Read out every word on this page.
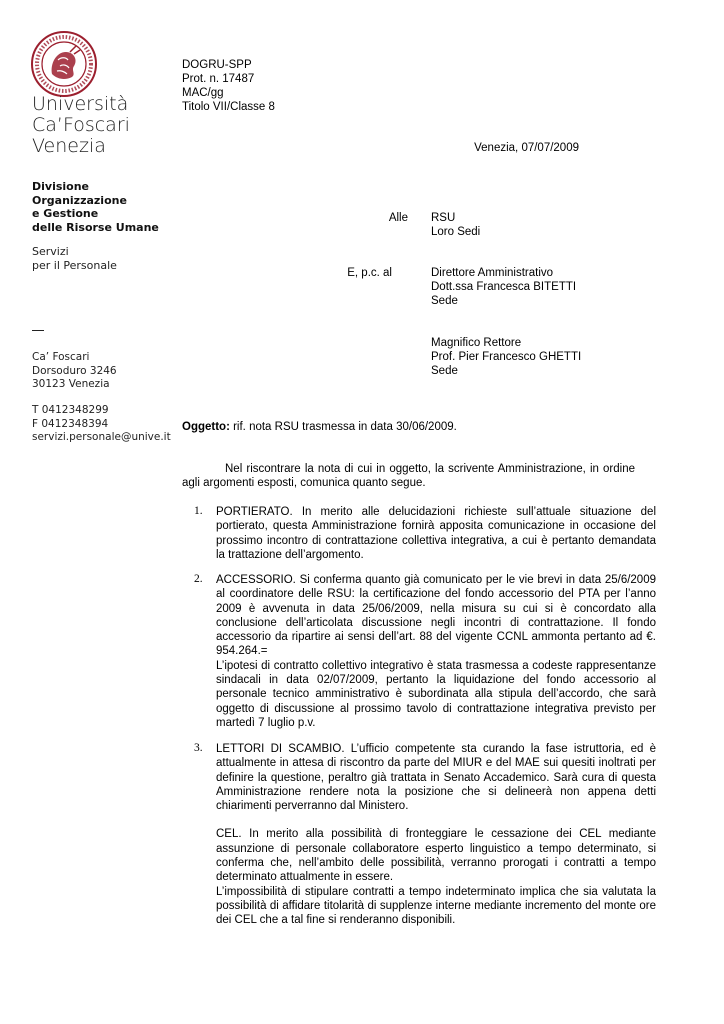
Università
Ca’Foscari
Venezia
Divisione
Organizzazione
e Gestione
delle Risorse Umane
Servizi
per il Personale
Ca’ Foscari
Dorsoduro 3246
30123 Venezia
T 0412348299
F 0412348394
servizi.personale@unive.it
DOGRU-SPP
Prot. n. 17487
MAC/gg
Titolo VII/Classe 8
Venezia, 07/07/2009
Alle RSU
Loro Sedi
E, p.c. al	Direttore Amministrativo
Dott.ssa Francesca BITETTI
Sede
Magnifico Rettore
Prof. Pier Francesco GHETTI
Sede
Oggetto: rif. nota RSU trasmessa in data 30/06/2009.
Nel riscontrare la nota di cui in oggetto, la scrivente Amministrazione, in ordine agli argomenti esposti, comunica quanto segue.
1. PORTIERATO. In merito alle delucidazioni richieste sull’attuale situazione del portierato, questa Amministrazione fornirà apposita comunicazione in occasione del prossimo incontro di contrattazione collettiva integrativa, a cui è pertanto demandata la trattazione dell’argomento.

2. ACCESSORIO. Si conferma quanto già comunicato per le vie brevi in data 25/6/2009 al coordinatore delle RSU: la certificazione del fondo accessorio del PTA per l’anno 2009 è avvenuta in data 25/06/2009, nella misura su cui si è concordato alla conclusione dell’articolata discussione negli incontri di contrattazione. Il fondo accessorio da ripartire ai sensi dell’art. 88 del vigente CCNL ammonta pertanto ad €. 954.264.=

L’ipotesi di contratto collettivo integrativo è stata trasmessa a codeste rappresentanze sindacali in data 02/07/2009, pertanto la liquidazione del fondo accessorio al personale tecnico amministrativo è subordinata alla stipula dell’accordo, che sarà oggetto di discussione al prossimo tavolo di contrattazione integrativa previsto per martedì 7 luglio p.v.

3. LETTORI DI SCAMBIO. L’ufficio competente sta curando la fase istruttoria, ed è attualmente in attesa di riscontro da parte del MIUR e del MAE sui quesiti inoltrati per definire la questione, peraltro già trattata in Senato Accademico. Sarà cura di questa Amministrazione rendere nota la posizione che si delineerà non appena detti chiarimenti perverranno dal Ministero.

CEL. In merito alla possibilità di fronteggiare le cessazione dei CEL mediante assunzione di personale collaboratore esperto linguistico a tempo determinato, si conferma che, nell’ambito delle possibilità, verranno prorogati i contratti a tempo determinato attualmente in essere.

L’impossibilità di stipulare contratti a tempo indeterminato implica che sia valutata la possibilità di affidare titolarità di supplenze interne mediante incremento del monte ore dei CEL che a tal fine si renderanno disponibili.
